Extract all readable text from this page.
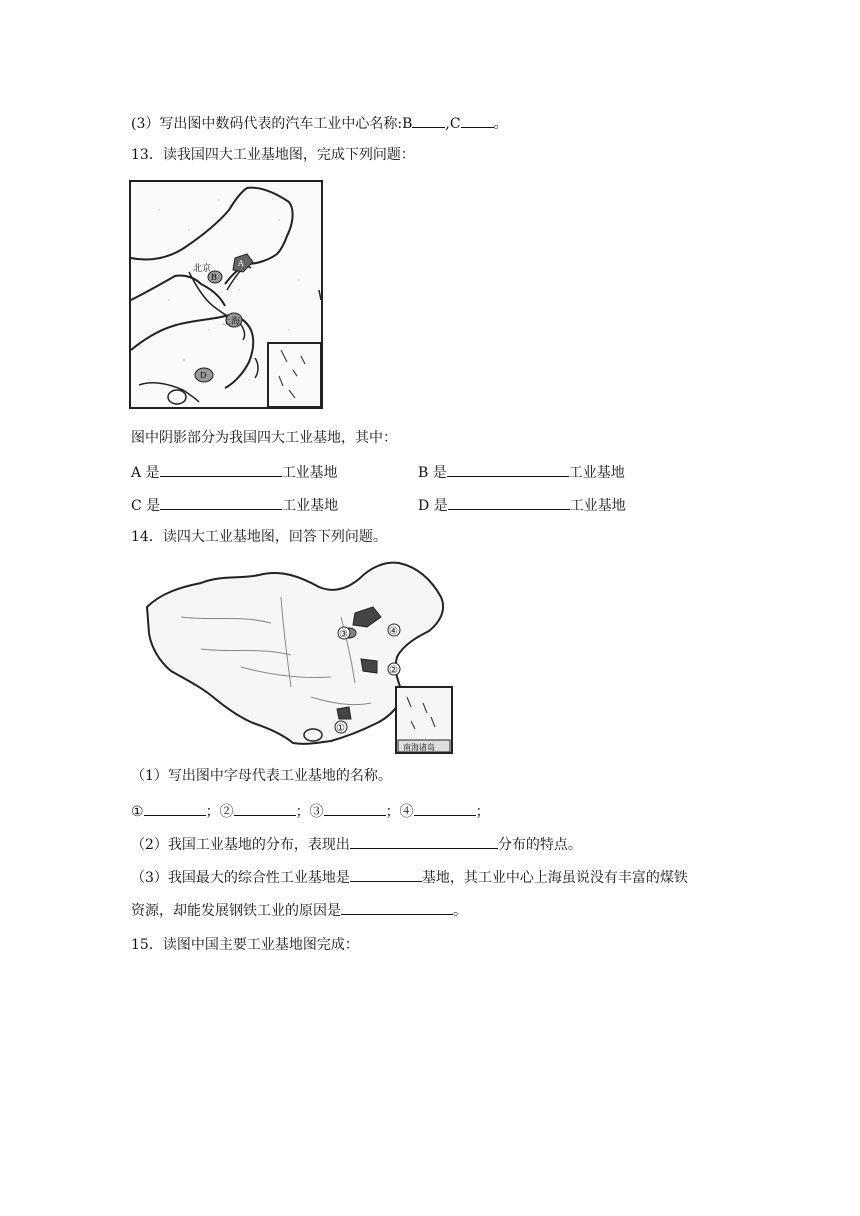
(3）写出图中数码代表的汽车工业中心名称:B ,C 。
13．读我国四大工业基地图，完成下列问题：
北京
A
B
上海
D
图中阴影部分为我国四大工业基地，其中：
A 是	工业基地	B 是	工业基地
C 是	工业基地	D 是	工业基地
14．读四大工业基地图，回答下列问题。
①
②
③	④
南海诸岛
（1）写出图中字母代表工业基地的名称。
①	；②	；③	；④	；
（2）我国工业基地的分布，表现出	分布的特点。
（3）我国最大的综合性工业基地是	基地，其工业中心上海虽说没有丰富的煤铁
资源，却能发展钢铁工业的原因是	。
15．读图中国主要工业基地图完成：
